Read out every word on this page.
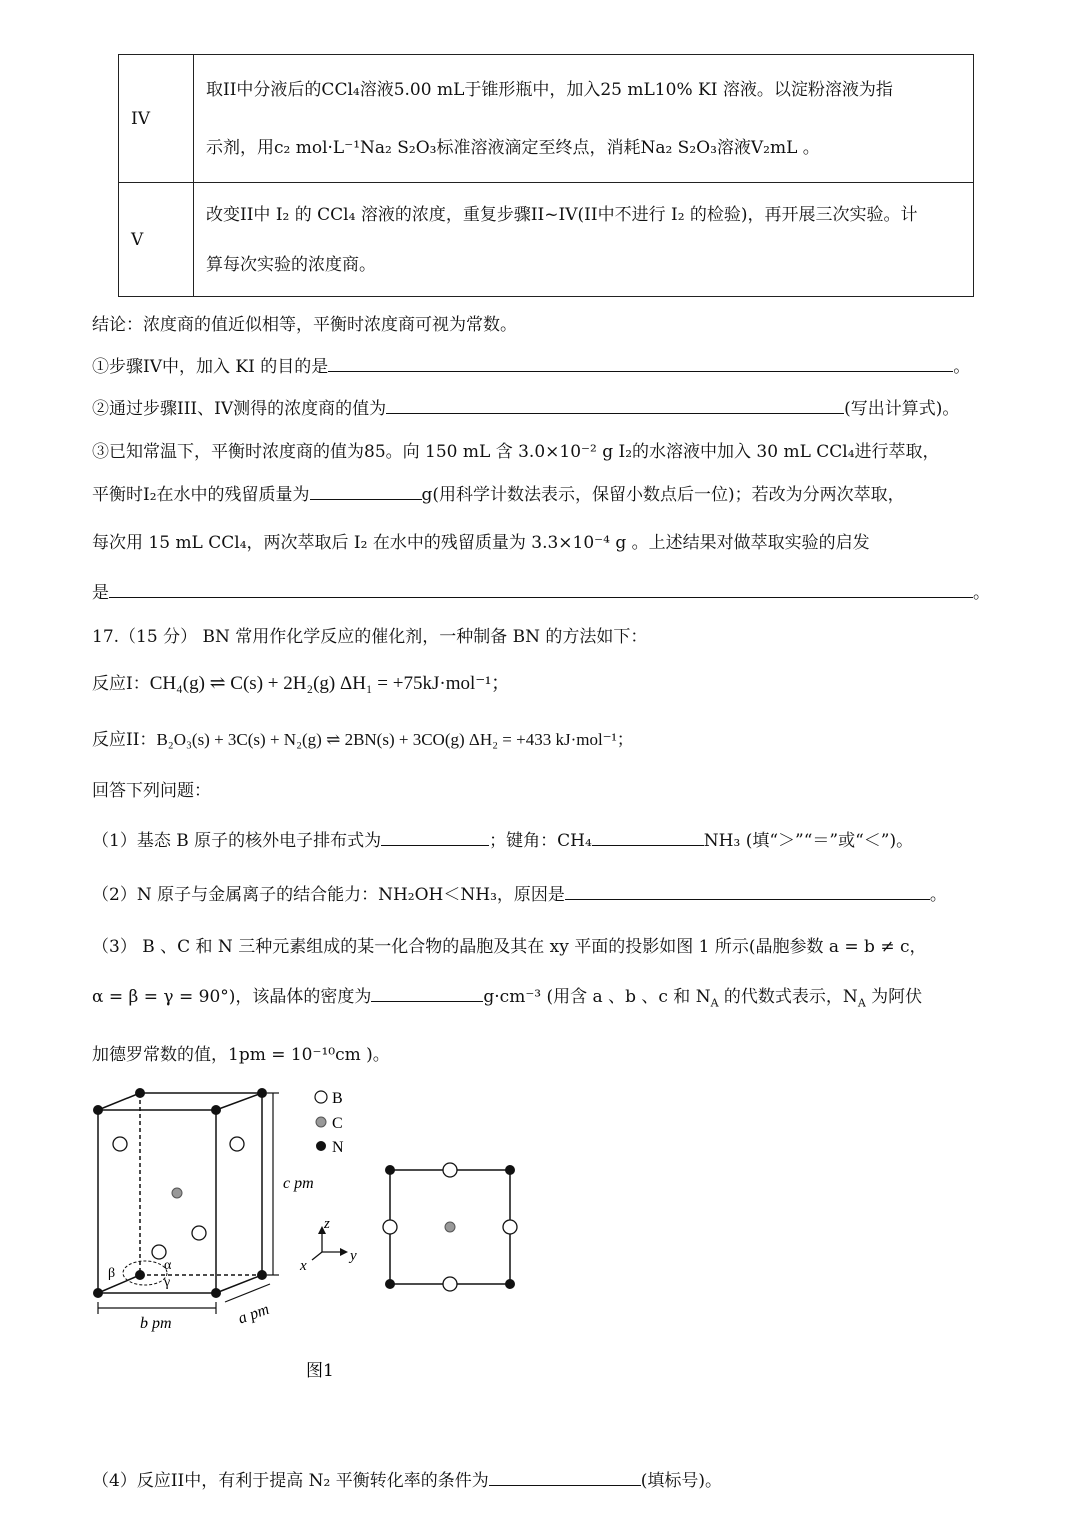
IV	取II中分液后的CCl₄溶液5.00 mL于锥形瓶中，加入25 mL10% KI 溶液。以淀粉溶液为指
示剂，用c₂ mol·L⁻¹Na₂ S₂O₃标准溶液滴定至终点，消耗Na₂ S₂O₃溶液V₂mL 。

V	改变II中 I₂ 的 CCl₄ 溶液的浓度，重复步骤II~IV(II中不进行 I₂ 的检验)，再开展三次实验。计
算每次实验的浓度商。
结论：浓度商的值近似相等，平衡时浓度商可视为常数。
①步骤IV中，加入 KI 的目的是	。
②通过步骤III、IV测得的浓度商的值为	(写出计算式)。
③已知常温下，平衡时浓度商的值为85。向 150 mL 含 3.0×10⁻² g I₂的水溶液中加入 30 mL CCl₄进行萃取，
平衡时I₂在水中的残留质量为	g(用科学计数法表示，保留小数点后一位)；若改为分两次萃取，
每次用 15 mL CCl₄，两次萃取后 I₂ 在水中的残留质量为 3.3×10⁻⁴ g 。上述结果对做萃取实验的启发
是	。
17.（15 分） BN 常用作化学反应的催化剂，一种制备 BN 的方法如下：
反应I：CH₄(g) ⇌ C(s) + 2H₂(g) ΔH₁ = +75kJ·mol⁻¹；
反应II：B₂O₃(s) + 3C(s) + N₂(g) ⇌ 2BN(s) + 3CO(g) ΔH₂ = +433 kJ·mol⁻¹；
回答下列问题：
（1）基态 B 原子的核外电子排布式为	；键角：CH₄	NH₃ (填“＞”“＝”或“＜”)。
（2）N 原子与金属离子的结合能力：NH₂OH＜NH₃，原因是	。
（3） B 、C 和 N 三种元素组成的某一化合物的晶胞及其在 xy 平面的投影如图 1 所示(晶胞参数 a = b ≠ c，
α = β = γ = 90°)，该晶体的密度为	g·cm⁻³ (用含 a 、b 、c 和 $N_A$ 的代数式表示，$N_A$ 为阿伏
加德罗常数的值，1pm = 10⁻¹⁰cm )。
α
β
γ
c pm
b pm	a pm
B
C
N
z
y
x
图1
（4）反应II中，有利于提高 N₂ 平衡转化率的条件为	(填标号)。
